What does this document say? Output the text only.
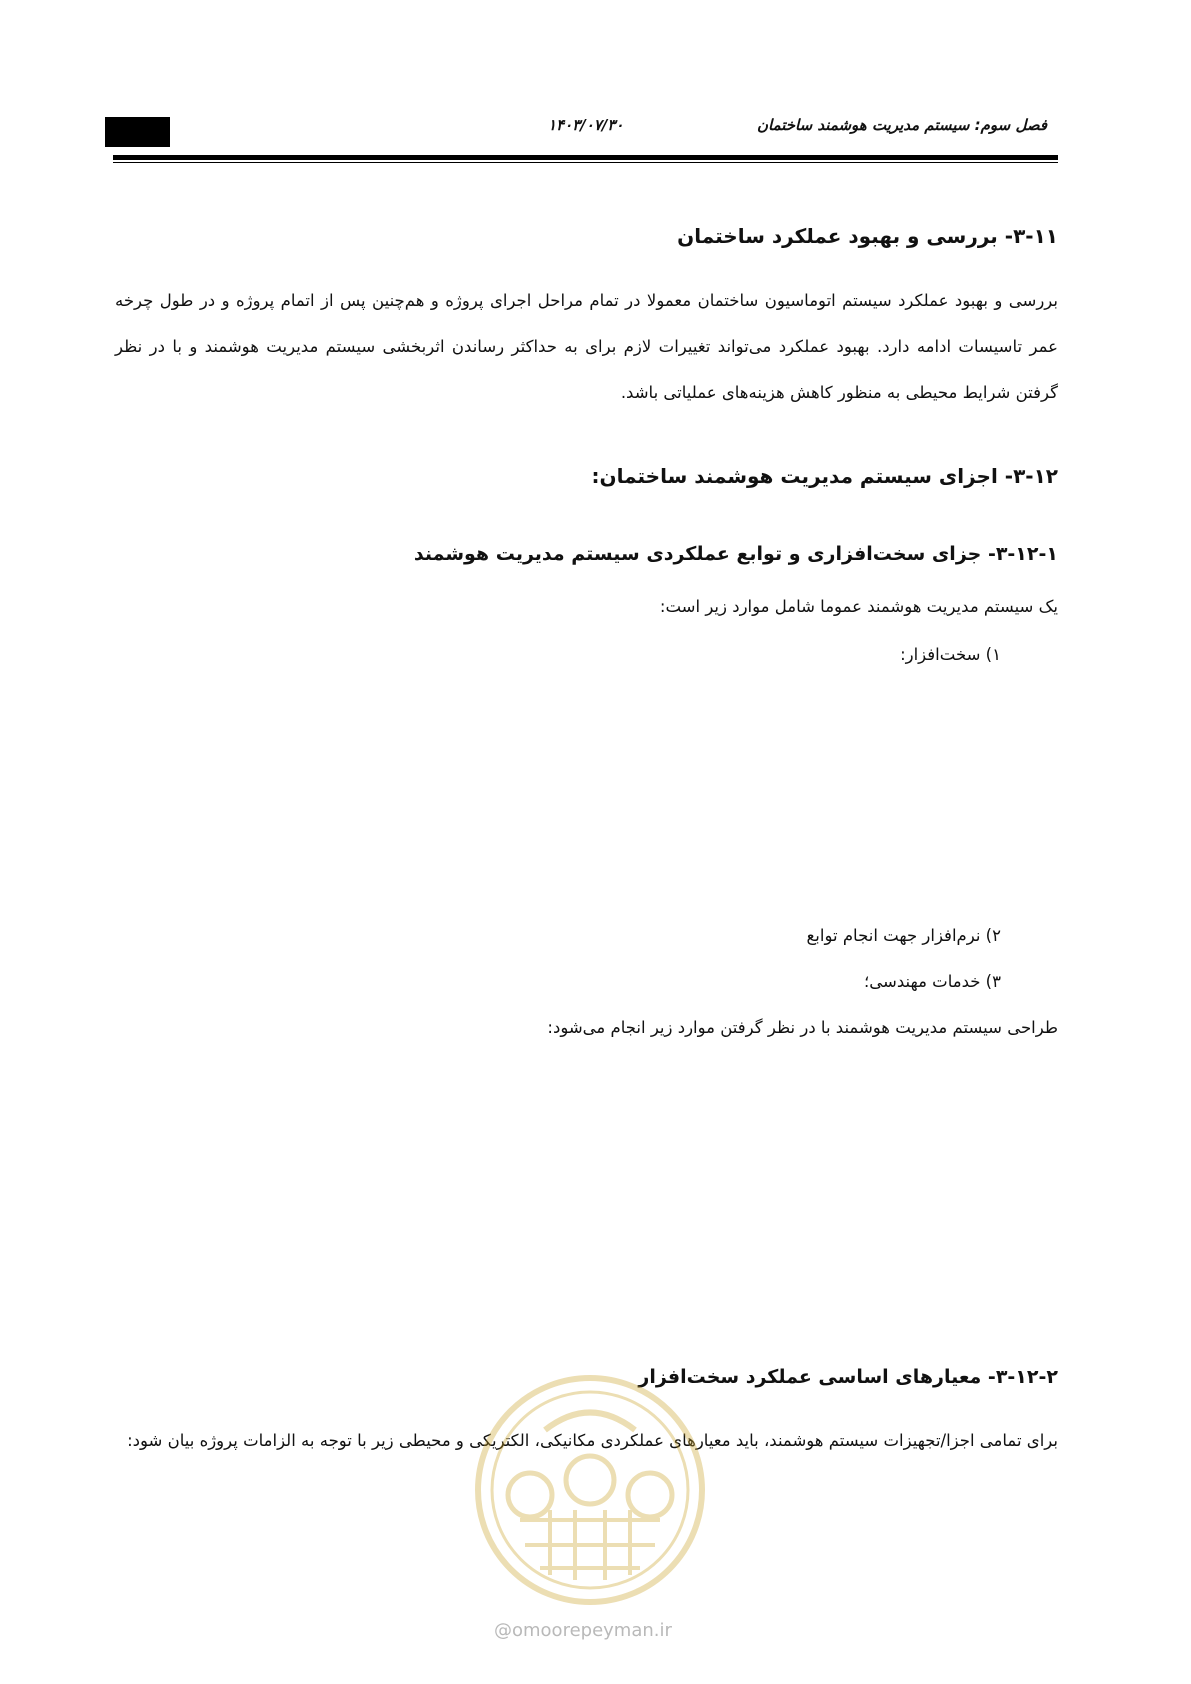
فصل سوم: سیستم مدیریت هوشمند ساختمان
۱۴۰۳/۰۷/۳۰
۳-۱۱- بررسی و بهبود عملکرد ساختمان
بررسی و بهبود عملکرد سیستم اتوماسیون ساختمان معمولا در تمام مراحل اجرای پروژه و هم‌چنین پس از اتمام پروژه و در طول چرخه عمر تاسیسات ادامه دارد. بهبود عملکرد می‌تواند تغییرات لازم برای به حداکثر رساندن اثربخشی سیستم مدیریت هوشمند و با در نظر گرفتن شرایط محیطی به منظور کاهش هزینه‌های عملیاتی باشد.
۳-۱۲- اجزای سیستم مدیریت هوشمند ساختمان:
۳-۱۲-۱- جزای سخت‌افزاری و توابع عملکردی سیستم مدیریت هوشمند
یک سیستم مدیریت هوشمند عموما شامل موارد زیر است:
۱) سخت‌افزار:
۲) نرم‌افزار جهت انجام توابع
۳) خدمات مهندسی؛
طراحی سیستم مدیریت هوشمند با در نظر گرفتن موارد زیر انجام می‌شود:
۳-۱۲-۲- معیارهای اساسی عملکرد سخت‌افزار
برای تمامی اجزا/تجهیزات سیستم هوشمند، باید معیارهای عملکردی مکانیکی، الکتریکی و محیطی زیر با توجه به الزامات پروژه بیان شود:
@omoorepeyman.ir
